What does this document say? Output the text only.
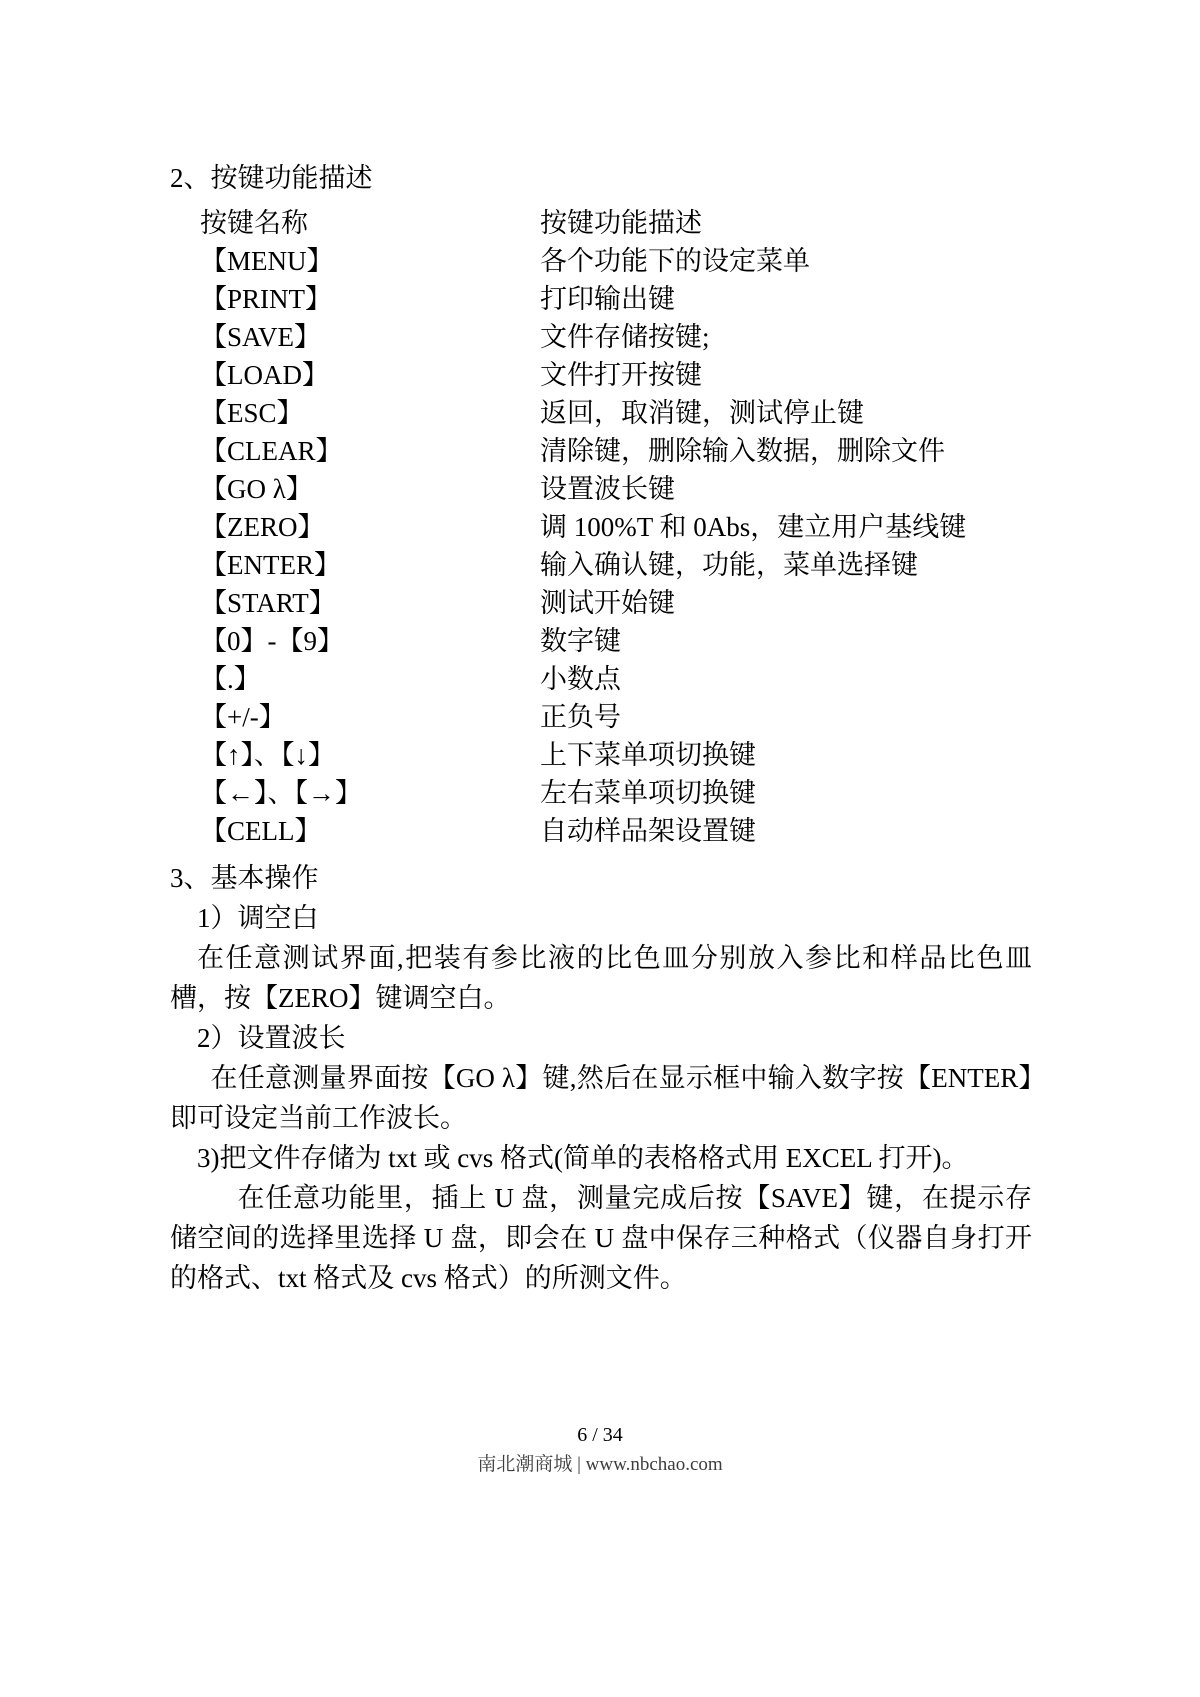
2、按键功能描述
按键名称	按键功能描述
【MENU】	各个功能下的设定菜单
【PRINT】	打印输出键
【SAVE】	文件存储按键;
【LOAD】	文件打开按键
【ESC】	返回，取消键，测试停止键
【CLEAR】	清除键，删除输入数据，删除文件
【GO λ】	设置波长键
【ZERO】	调 100%T 和 0Abs，建立用户基线键
【ENTER】	输入确认键，功能，菜单选择键
【START】	测试开始键
【0】-【9】	数字键
【.】	小数点
【+/-】	正负号
【↑】、【↓】	上下菜单项切换键
【←】、【→】	左右菜单项切换键
【CELL】	自动样品架设置键
3、基本操作
1）调空白

在任意测试界面,把装有参比液的比色皿分别放入参比和样品比色皿槽，按【ZERO】键调空白。

2）设置波长

在任意测量界面按【GO λ】键,然后在显示框中输入数字按【ENTER】即可设定当前工作波长。

3)把文件存储为 txt 或 cvs 格式(简单的表格格式用 EXCEL 打开)。

在任意功能里，插上 U 盘，测量完成后按【SAVE】键，在提示存储空间的选择里选择 U 盘，即会在 U 盘中保存三种格式（仪器自身打开的格式、txt 格式及 cvs 格式）的所测文件。

6 / 34
南北潮商城 | www.nbchao.com
